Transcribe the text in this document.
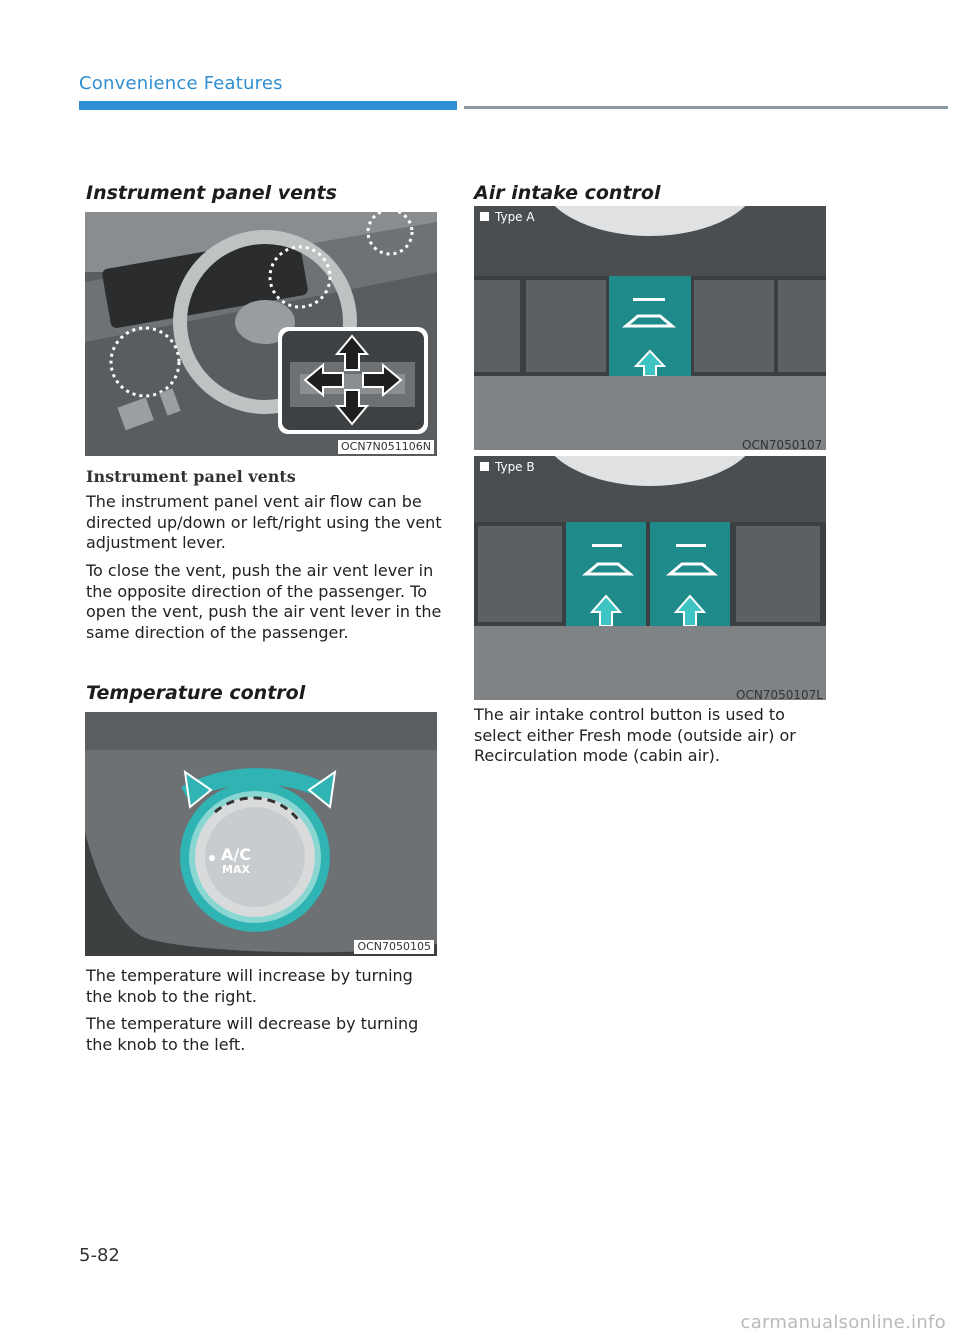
Convenience Features
Instrument panel vents
OCN7N051106N
Instrument panel vents
The instrument panel vent air flow can be directed up/down or left/right using the vent adjustment lever.
To close the vent, push the air vent lever in the opposite direction of the passenger. To open the vent, push the air vent lever in the same direction of the passenger.
Temperature control
A/C
MAX
OCN7050105
The temperature will increase by turning the knob to the right.
The temperature will decrease by turning the knob to the left.
Air intake control
Type A
OCN7050107
Type B
OCN7050107L
The air intake control button is used to select either Fresh mode (outside air) or Recirculation mode (cabin air).
5-82
carmanualsonline.info
